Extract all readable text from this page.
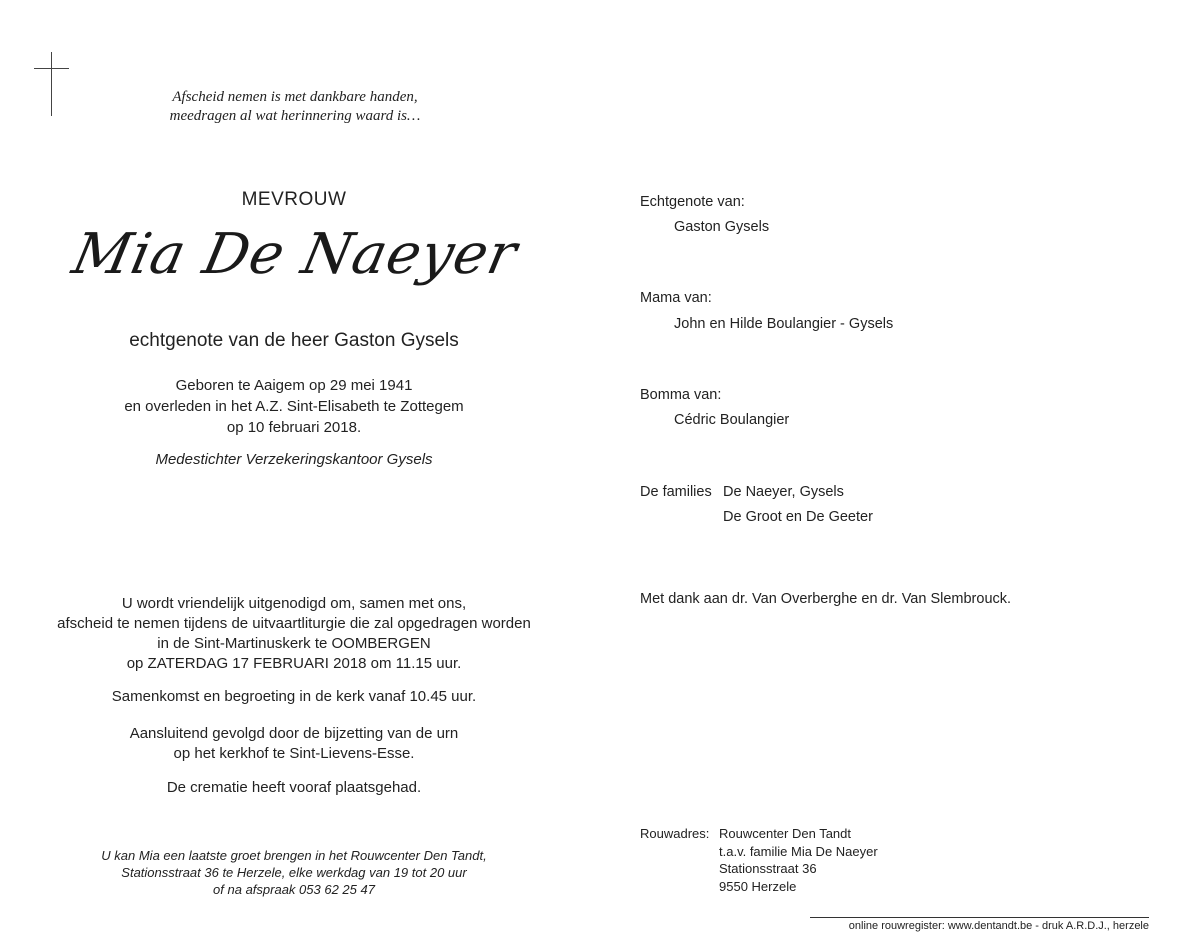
Afscheid nemen is met dankbare handen,
meedragen al wat herinnering waard is…
MEVROUW
Mia De Naeyer
echtgenote van de heer Gaston Gysels
Geboren te Aaigem op 29 mei 1941
en overleden in het A.Z. Sint-Elisabeth te Zottegem
op 10 februari 2018.
Medestichter Verzekeringskantoor Gysels
U wordt vriendelijk uitgenodigd om, samen met ons,
afscheid te nemen tijdens de uitvaartliturgie die zal opgedragen worden
in de Sint-Martinuskerk te OOMBERGEN
op ZATERDAG 17 FEBRUARI 2018 om 11.15 uur.
Samenkomst en begroeting in de kerk vanaf 10.45 uur.
Aansluitend gevolgd door de bijzetting van de urn
op het kerkhof te Sint-Lievens-Esse.
De crematie heeft vooraf plaatsgehad.
U kan Mia een laatste groet brengen in het Rouwcenter Den Tandt,
Stationsstraat 36 te Herzele, elke werkdag van 19 tot 20 uur
of na afspraak 053 62 25 47
Echtgenote van:
Gaston Gysels
Mama van:
John en Hilde Boulangier - Gysels
Bomma van:
Cédric Boulangier
De families De Naeyer, Gysels
De Groot en De Geeter
Met dank aan dr. Van Overberghe en dr. Van Slembrouck.
Rouwadres: Rouwcenter Den Tandt
t.a.v. familie Mia De Naeyer
Stationsstraat 36
9550 Herzele
online rouwregister: www.dentandt.be - druk A.R.D.J., herzele
